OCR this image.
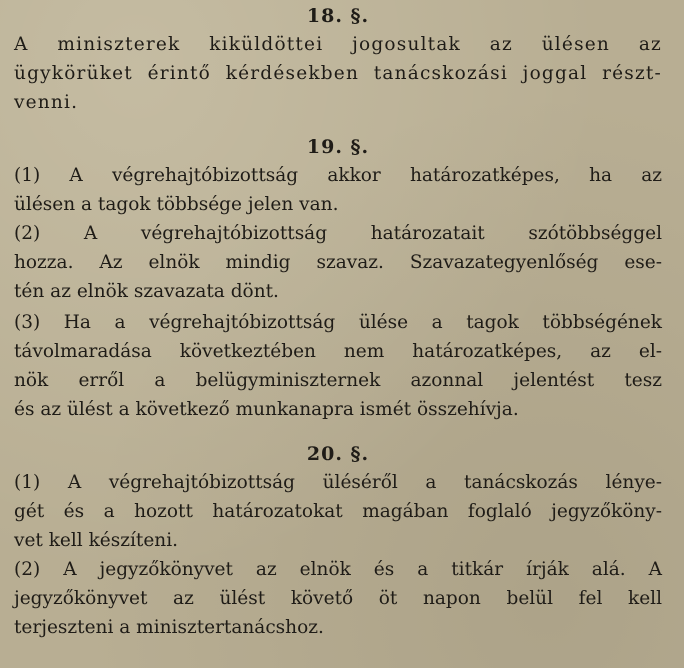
18. §.

A miniszterek kiküldöttei jogosultak az ülésen az
ügykörüket érintő kérdésekben tanácskozási joggal részt-
venni.

19. §.

(1) A végrehajtóbizottság akkor határozatképes, ha az
ülésen a tagok többsége jelen van.

(2) A végrehajtóbizottság határozatait szótöbbséggel
hozza. Az elnök mindig szavaz. Szavazategyenlőség ese-
tén az elnök szavazata dönt.

(3) Ha a végrehajtóbizottság ülése a tagok többségének
távolmaradása következtében nem határozatképes, az el-
nök erről a belügyminiszternek azonnal jelentést tesz
és az ülést a következő munkanapra ismét összehívja.

20. §.

(1) A végrehajtóbizottság üléséről a tanácskozás lénye-
gét és a hozott határozatokat magában foglaló jegyzőköny-
vet kell készíteni.

(2) A jegyzőkönyvet az elnök és a titkár írják alá. A
jegyzőkönyvet az ülést követő öt napon belül fel kell
terjeszteni a minisztertanácshoz.
